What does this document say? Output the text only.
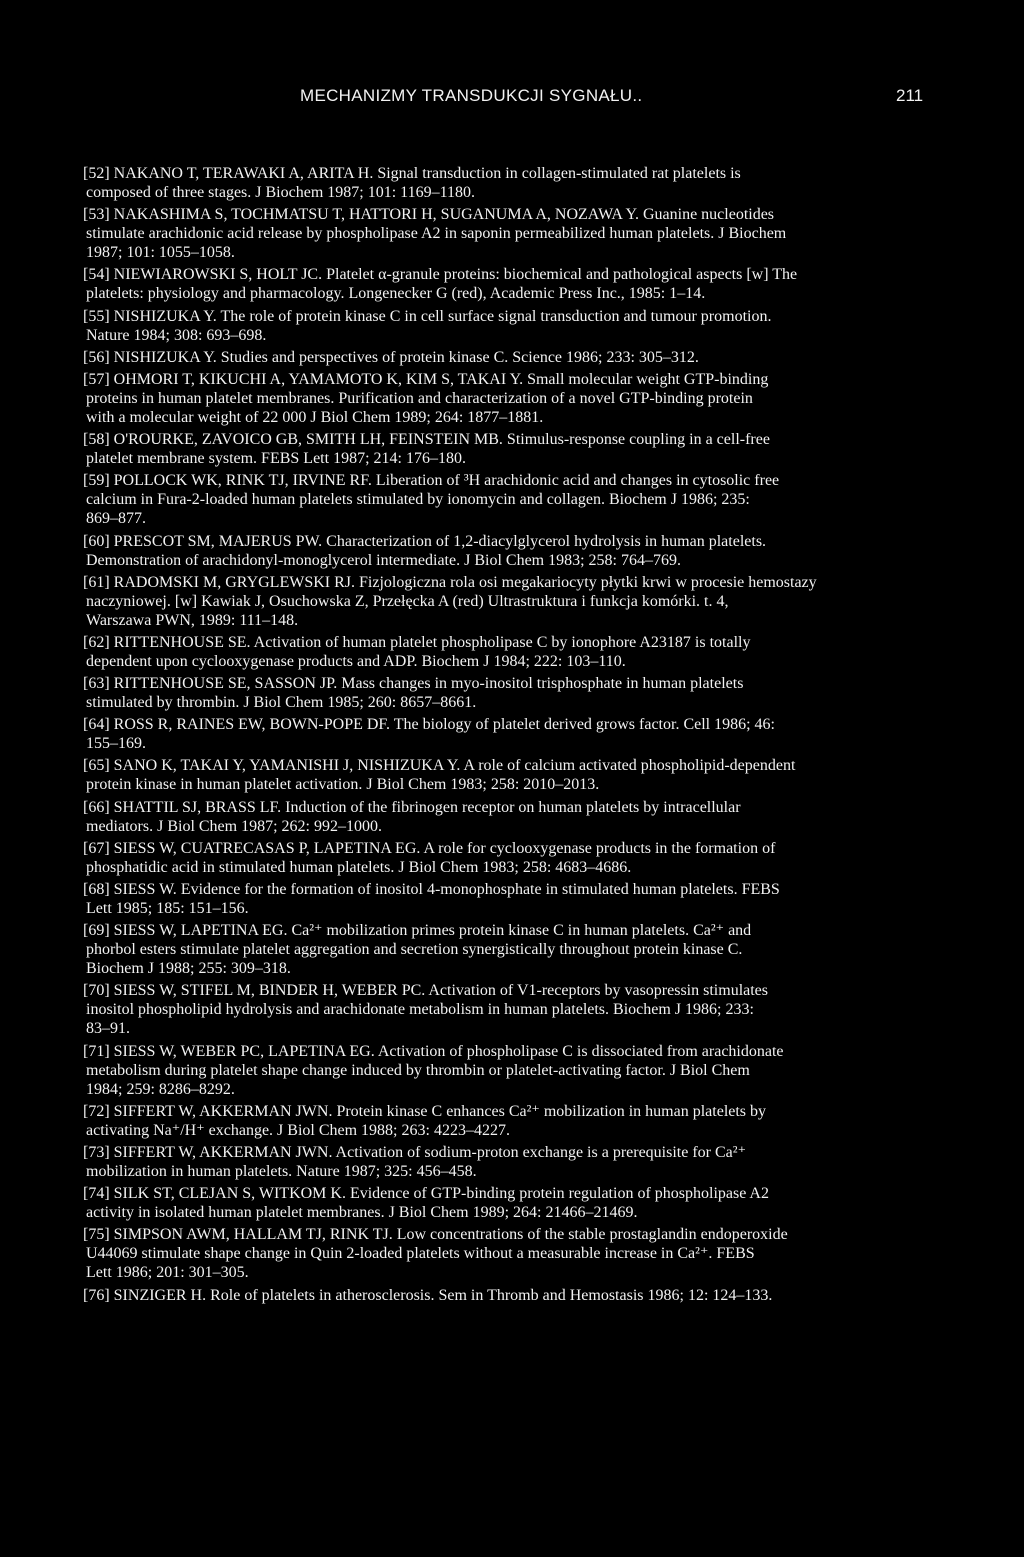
MECHANIZMY TRANSDUKCJI SYGNAŁU..	211
[52] NAKANO T, TERAWAKI A, ARITA H. Signal transduction in collagen-stimulated rat platelets is
composed of three stages. J Biochem 1987; 101: 1169–1180.
[53] NAKASHIMA S, TOCHMATSU T, HATTORI H, SUGANUMA A, NOZAWA Y. Guanine nucleotides
stimulate arachidonic acid release by phospholipase A2 in saponin permeabilized human platelets. J Biochem
1987; 101: 1055–1058.
[54] NIEWIAROWSKI S, HOLT JC. Platelet α-granule proteins: biochemical and pathological aspects [w] The
platelets: physiology and pharmacology. Longenecker G (red), Academic Press Inc., 1985: 1–14.
[55] NISHIZUKA Y. The role of protein kinase C in cell surface signal transduction and tumour promotion.
Nature 1984; 308: 693–698.
[56] NISHIZUKA Y. Studies and perspectives of protein kinase C. Science 1986; 233: 305–312.
[57] OHMORI T, KIKUCHI A, YAMAMOTO K, KIM S, TAKAI Y. Small molecular weight GTP-binding
proteins in human platelet membranes. Purification and characterization of a novel GTP-binding protein
with a molecular weight of 22 000 J Biol Chem 1989; 264: 1877–1881.
[58] O'ROURKE, ZAVOICO GB, SMITH LH, FEINSTEIN MB. Stimulus-response coupling in a cell-free
platelet membrane system. FEBS Lett 1987; 214: 176–180.
[59] POLLOCK WK, RINK TJ, IRVINE RF. Liberation of ³H arachidonic acid and changes in cytosolic free
calcium in Fura-2-loaded human platelets stimulated by ionomycin and collagen. Biochem J 1986; 235:
869–877.
[60] PRESCOT SM, MAJERUS PW. Characterization of 1,2-diacylglycerol hydrolysis in human platelets.
Demonstration of arachidonyl-monoglycerol intermediate. J Biol Chem 1983; 258: 764–769.
[61] RADOMSKI M, GRYGLEWSKI RJ. Fizjologiczna rola osi megakariocyty płytki krwi w procesie hemostazy
naczyniowej. [w] Kawiak J, Osuchowska Z, Przełęcka A (red) Ultrastruktura i funkcja komórki. t. 4,
Warszawa PWN, 1989: 111–148.
[62] RITTENHOUSE SE. Activation of human platelet phospholipase C by ionophore A23187 is totally
dependent upon cyclooxygenase products and ADP. Biochem J 1984; 222: 103–110.
[63] RITTENHOUSE SE, SASSON JP. Mass changes in myo-inositol trisphosphate in human platelets
stimulated by thrombin. J Biol Chem 1985; 260: 8657–8661.
[64] ROSS R, RAINES EW, BOWN-POPE DF. The biology of platelet derived grows factor. Cell 1986; 46:
155–169.
[65] SANO K, TAKAI Y, YAMANISHI J, NISHIZUKA Y. A role of calcium activated phospholipid-dependent
protein kinase in human platelet activation. J Biol Chem 1983; 258: 2010–2013.
[66] SHATTIL SJ, BRASS LF. Induction of the fibrinogen receptor on human platelets by intracellular
mediators. J Biol Chem 1987; 262: 992–1000.
[67] SIESS W, CUATRECASAS P, LAPETINA EG. A role for cyclooxygenase products in the formation of
phosphatidic acid in stimulated human platelets. J Biol Chem 1983; 258: 4683–4686.
[68] SIESS W. Evidence for the formation of inositol 4-monophosphate in stimulated human platelets. FEBS
Lett 1985; 185: 151–156.
[69] SIESS W, LAPETINA EG. Ca²⁺ mobilization primes protein kinase C in human platelets. Ca²⁺ and
phorbol esters stimulate platelet aggregation and secretion synergistically throughout protein kinase C.
Biochem J 1988; 255: 309–318.
[70] SIESS W, STIFEL M, BINDER H, WEBER PC. Activation of V1-receptors by vasopressin stimulates
inositol phospholipid hydrolysis and arachidonate metabolism in human platelets. Biochem J 1986; 233:
83–91.
[71] SIESS W, WEBER PC, LAPETINA EG. Activation of phospholipase C is dissociated from arachidonate
metabolism during platelet shape change induced by thrombin or platelet-activating factor. J Biol Chem
1984; 259: 8286–8292.
[72] SIFFERT W, AKKERMAN JWN. Protein kinase C enhances Ca²⁺ mobilization in human platelets by
activating Na⁺/H⁺ exchange. J Biol Chem 1988; 263: 4223–4227.
[73] SIFFERT W, AKKERMAN JWN. Activation of sodium-proton exchange is a prerequisite for Ca²⁺
mobilization in human platelets. Nature 1987; 325: 456–458.
[74] SILK ST, CLEJAN S, WITKOM K. Evidence of GTP-binding protein regulation of phospholipase A2
activity in isolated human platelet membranes. J Biol Chem 1989; 264: 21466–21469.
[75] SIMPSON AWM, HALLAM TJ, RINK TJ. Low concentrations of the stable prostaglandin endoperoxide
U44069 stimulate shape change in Quin 2-loaded platelets without a measurable increase in Ca²⁺. FEBS
Lett 1986; 201: 301–305.
[76] SINZIGER H. Role of platelets in atherosclerosis. Sem in Thromb and Hemostasis 1986; 12: 124–133.
